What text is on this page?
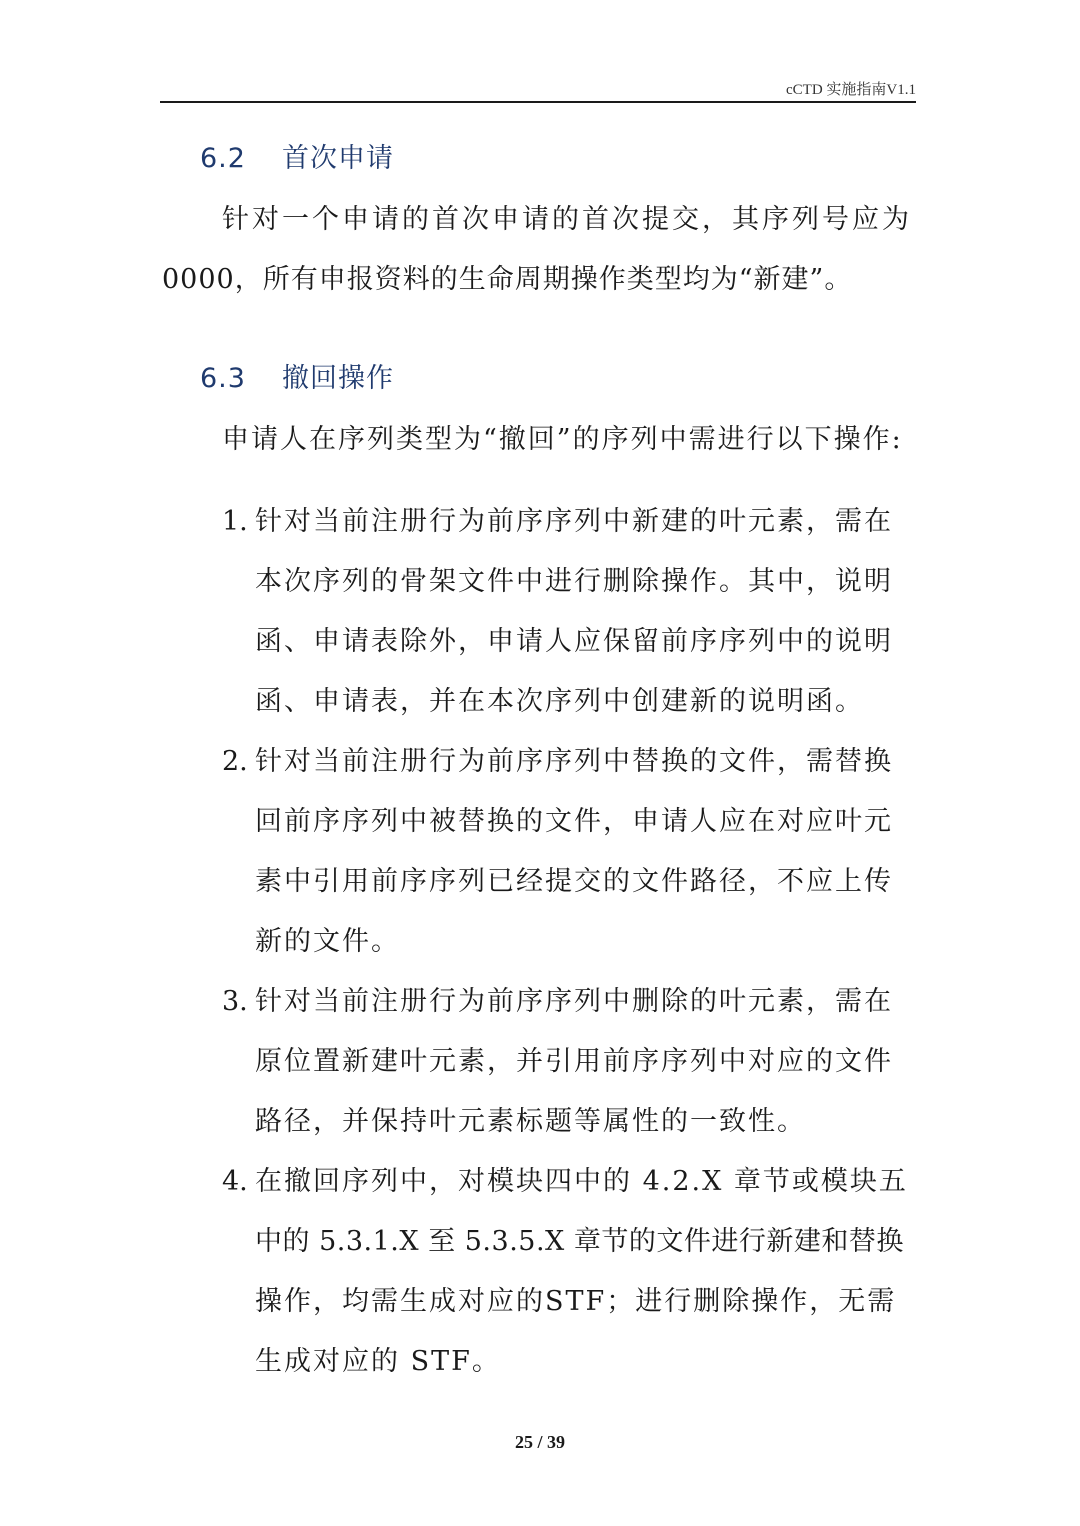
cCTD 实施指南V1.1
6.2 首次申请
针对一个申请的首次申请的首次提交，其序列号应为
0000，所有申报资料的生命周期操作类型均为“新建”。
6.3 撤回操作
申请人在序列类型为“撤回”的序列中需进行以下操作:
1. 针对当前注册行为前序序列中新建的叶元素，需在
本次序列的骨架文件中进行删除操作。其中，说明
函、申请表除外，申请人应保留前序序列中的说明
函、申请表，并在本次序列中创建新的说明函。
2. 针对当前注册行为前序序列中替换的文件，需替换
回前序序列中被替换的文件，申请人应在对应叶元
素中引用前序序列已经提交的文件路径，不应上传
新的文件。
3. 针对当前注册行为前序序列中删除的叶元素，需在
原位置新建叶元素，并引用前序序列中对应的文件
路径，并保持叶元素标题等属性的一致性。
4. 在撤回序列中，对模块四中的 4.2.X 章节或模块五
中的 5.3.1.X 至 5.3.5.X 章节的文件进行新建和替换
操作，均需生成对应的STF；进行删除操作，无需
生成对应的 STF。
25 / 39
